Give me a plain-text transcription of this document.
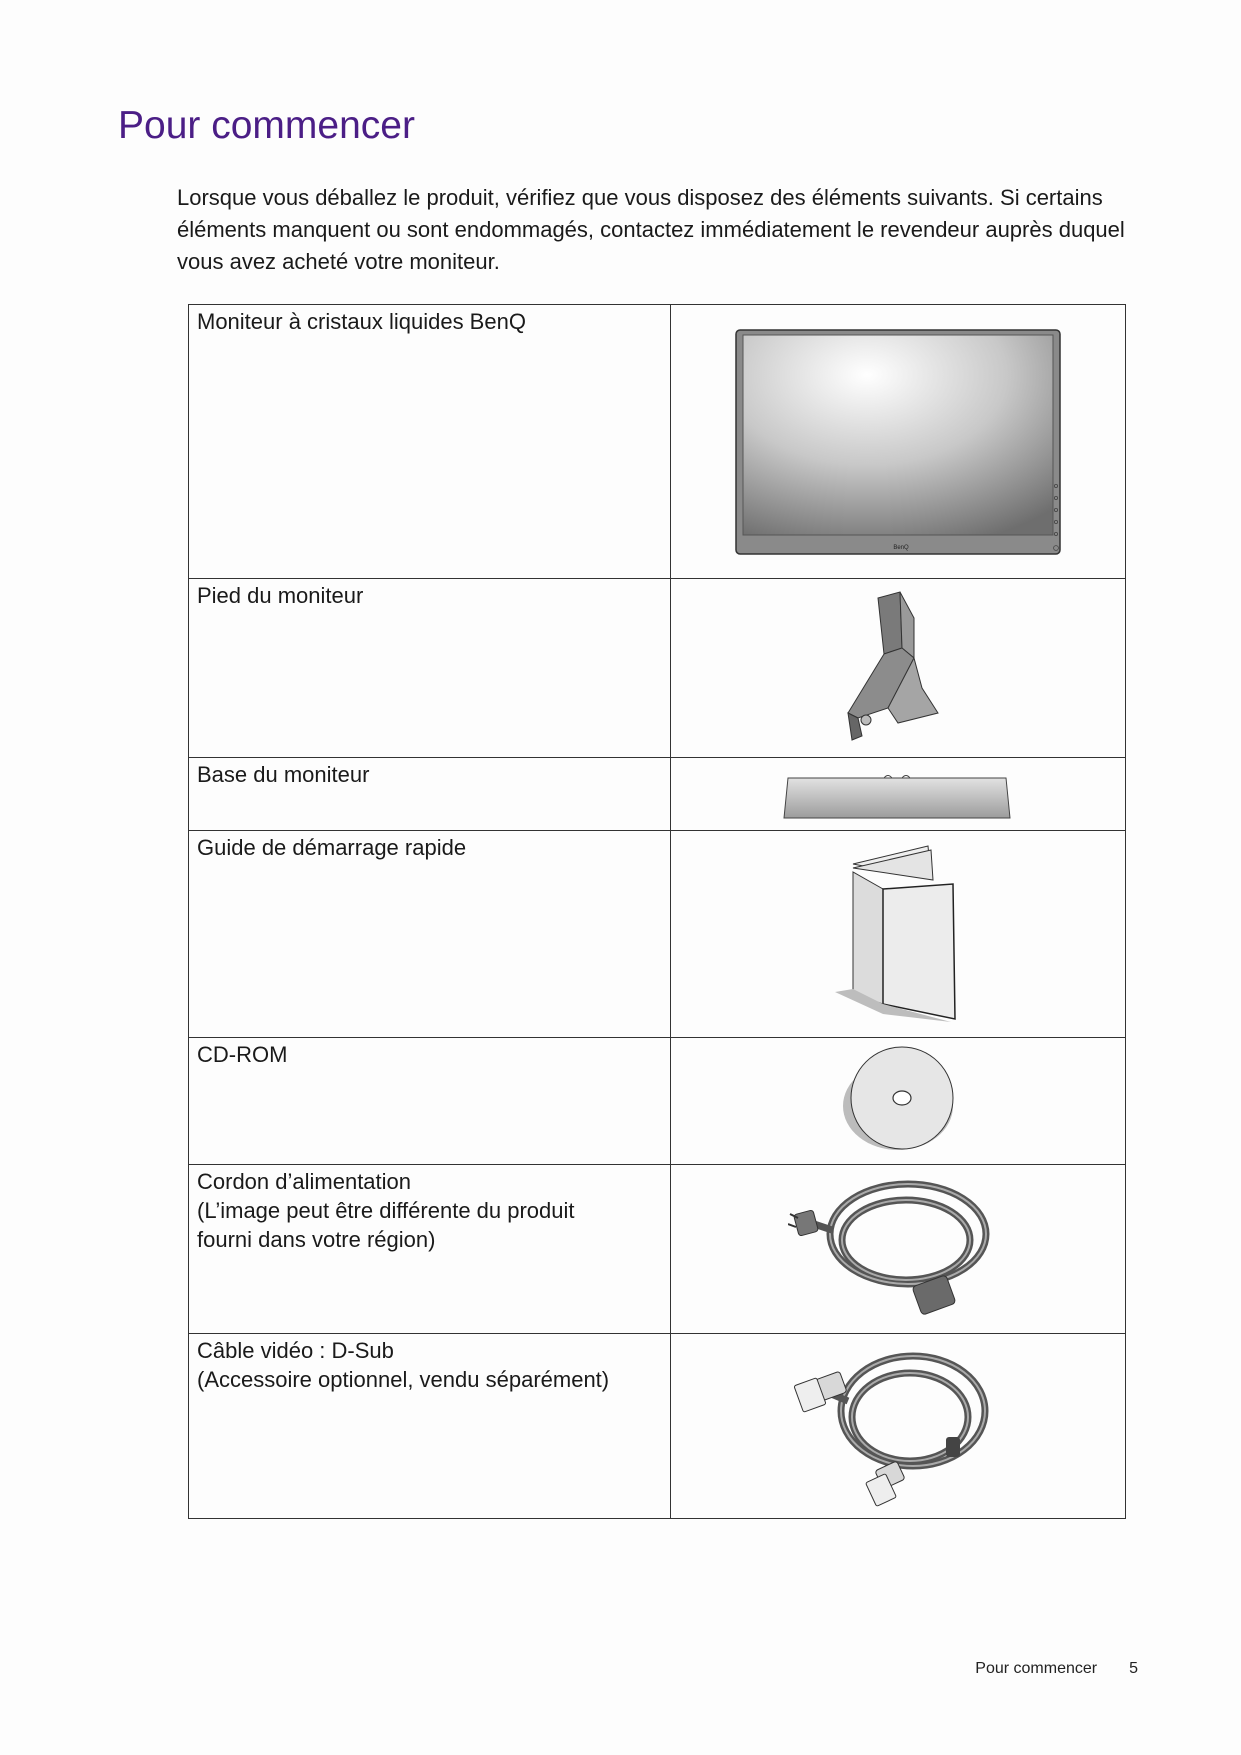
Pour commencer

Lorsque vous déballez le produit, vérifiez que vous disposez des éléments suivants. Si certains éléments manquent ou sont endommagés, contactez immédiatement le revendeur auprès duquel vous avez acheté votre moniteur.

Moniteur à cristaux liquides BenQ	BenQ

Pied du moniteur

Base du moniteur

Guide de démarrage rapide

CD-ROM

Cordon d’alimentation
(L’image peut être différente du produit
fourni dans votre région)

Câble vidéo : D-Sub
(Accessoire optionnel, vendu séparément)

Pour commencer 5
